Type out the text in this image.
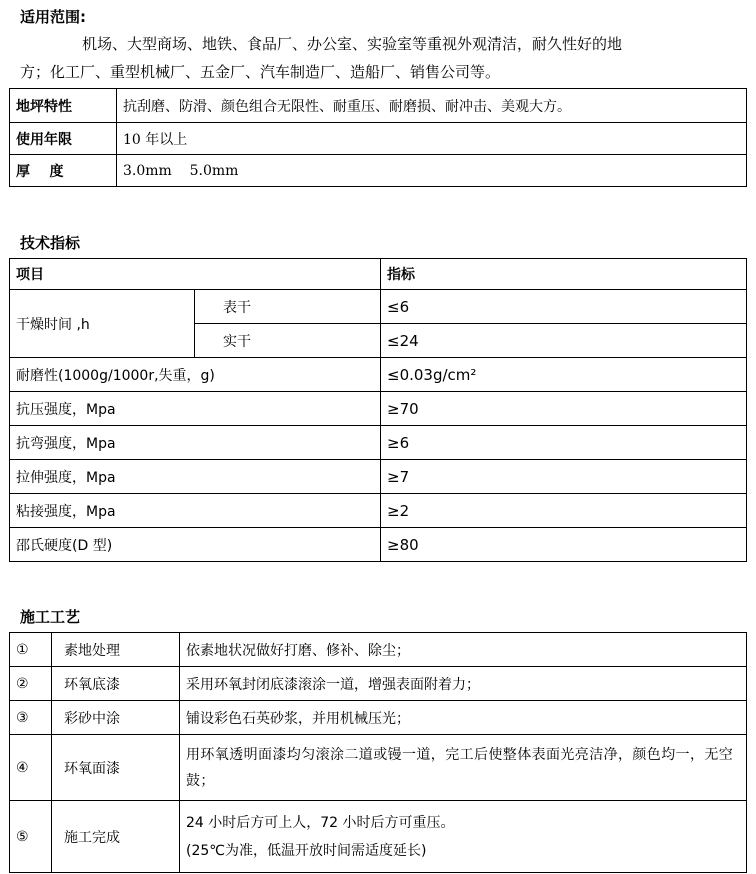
适用范围:
机场、大型商场、地铁、食品厂、办公室、实验室等重视外观清洁，耐久性好的地
方；化工厂、重型机械厂、五金厂、汽车制造厂、造船厂、销售公司等。
地坪特性	抗刮磨、防滑、颜色组合无限性、耐重压、耐磨损、耐冲击、美观大方。
使用年限	10 年以上
厚    度	3.0mm    5.0mm
技术指标
项目		指标
干燥时间 ,h	表干	≤6
	实干	≤24
耐磨性(1000g/1000r,失重，g)		≤0.03g/cm²
抗压强度，Mpa		≥70
抗弯强度，Mpa		≥6
拉伸强度，Mpa		≥7
粘接强度，Mpa		≥2
邵氏硬度(D 型)		≥80
施工工艺
①	素地处理	依素地状况做好打磨、修补、除尘；
②	环氧底漆	采用环氧封闭底漆滚涂一道，增强表面附着力；
③	彩砂中涂	铺设彩色石英砂浆，并用机械压光；
④	环氧面漆	用环氧透明面漆均匀滚涂二道或镘一道，完工后使整体表面光亮洁净，颜色均一，无空鼓；
⑤	施工完成	24 小时后方可上人，72 小时后方可重压。
(25℃为准，低温开放时间需适度延长)
